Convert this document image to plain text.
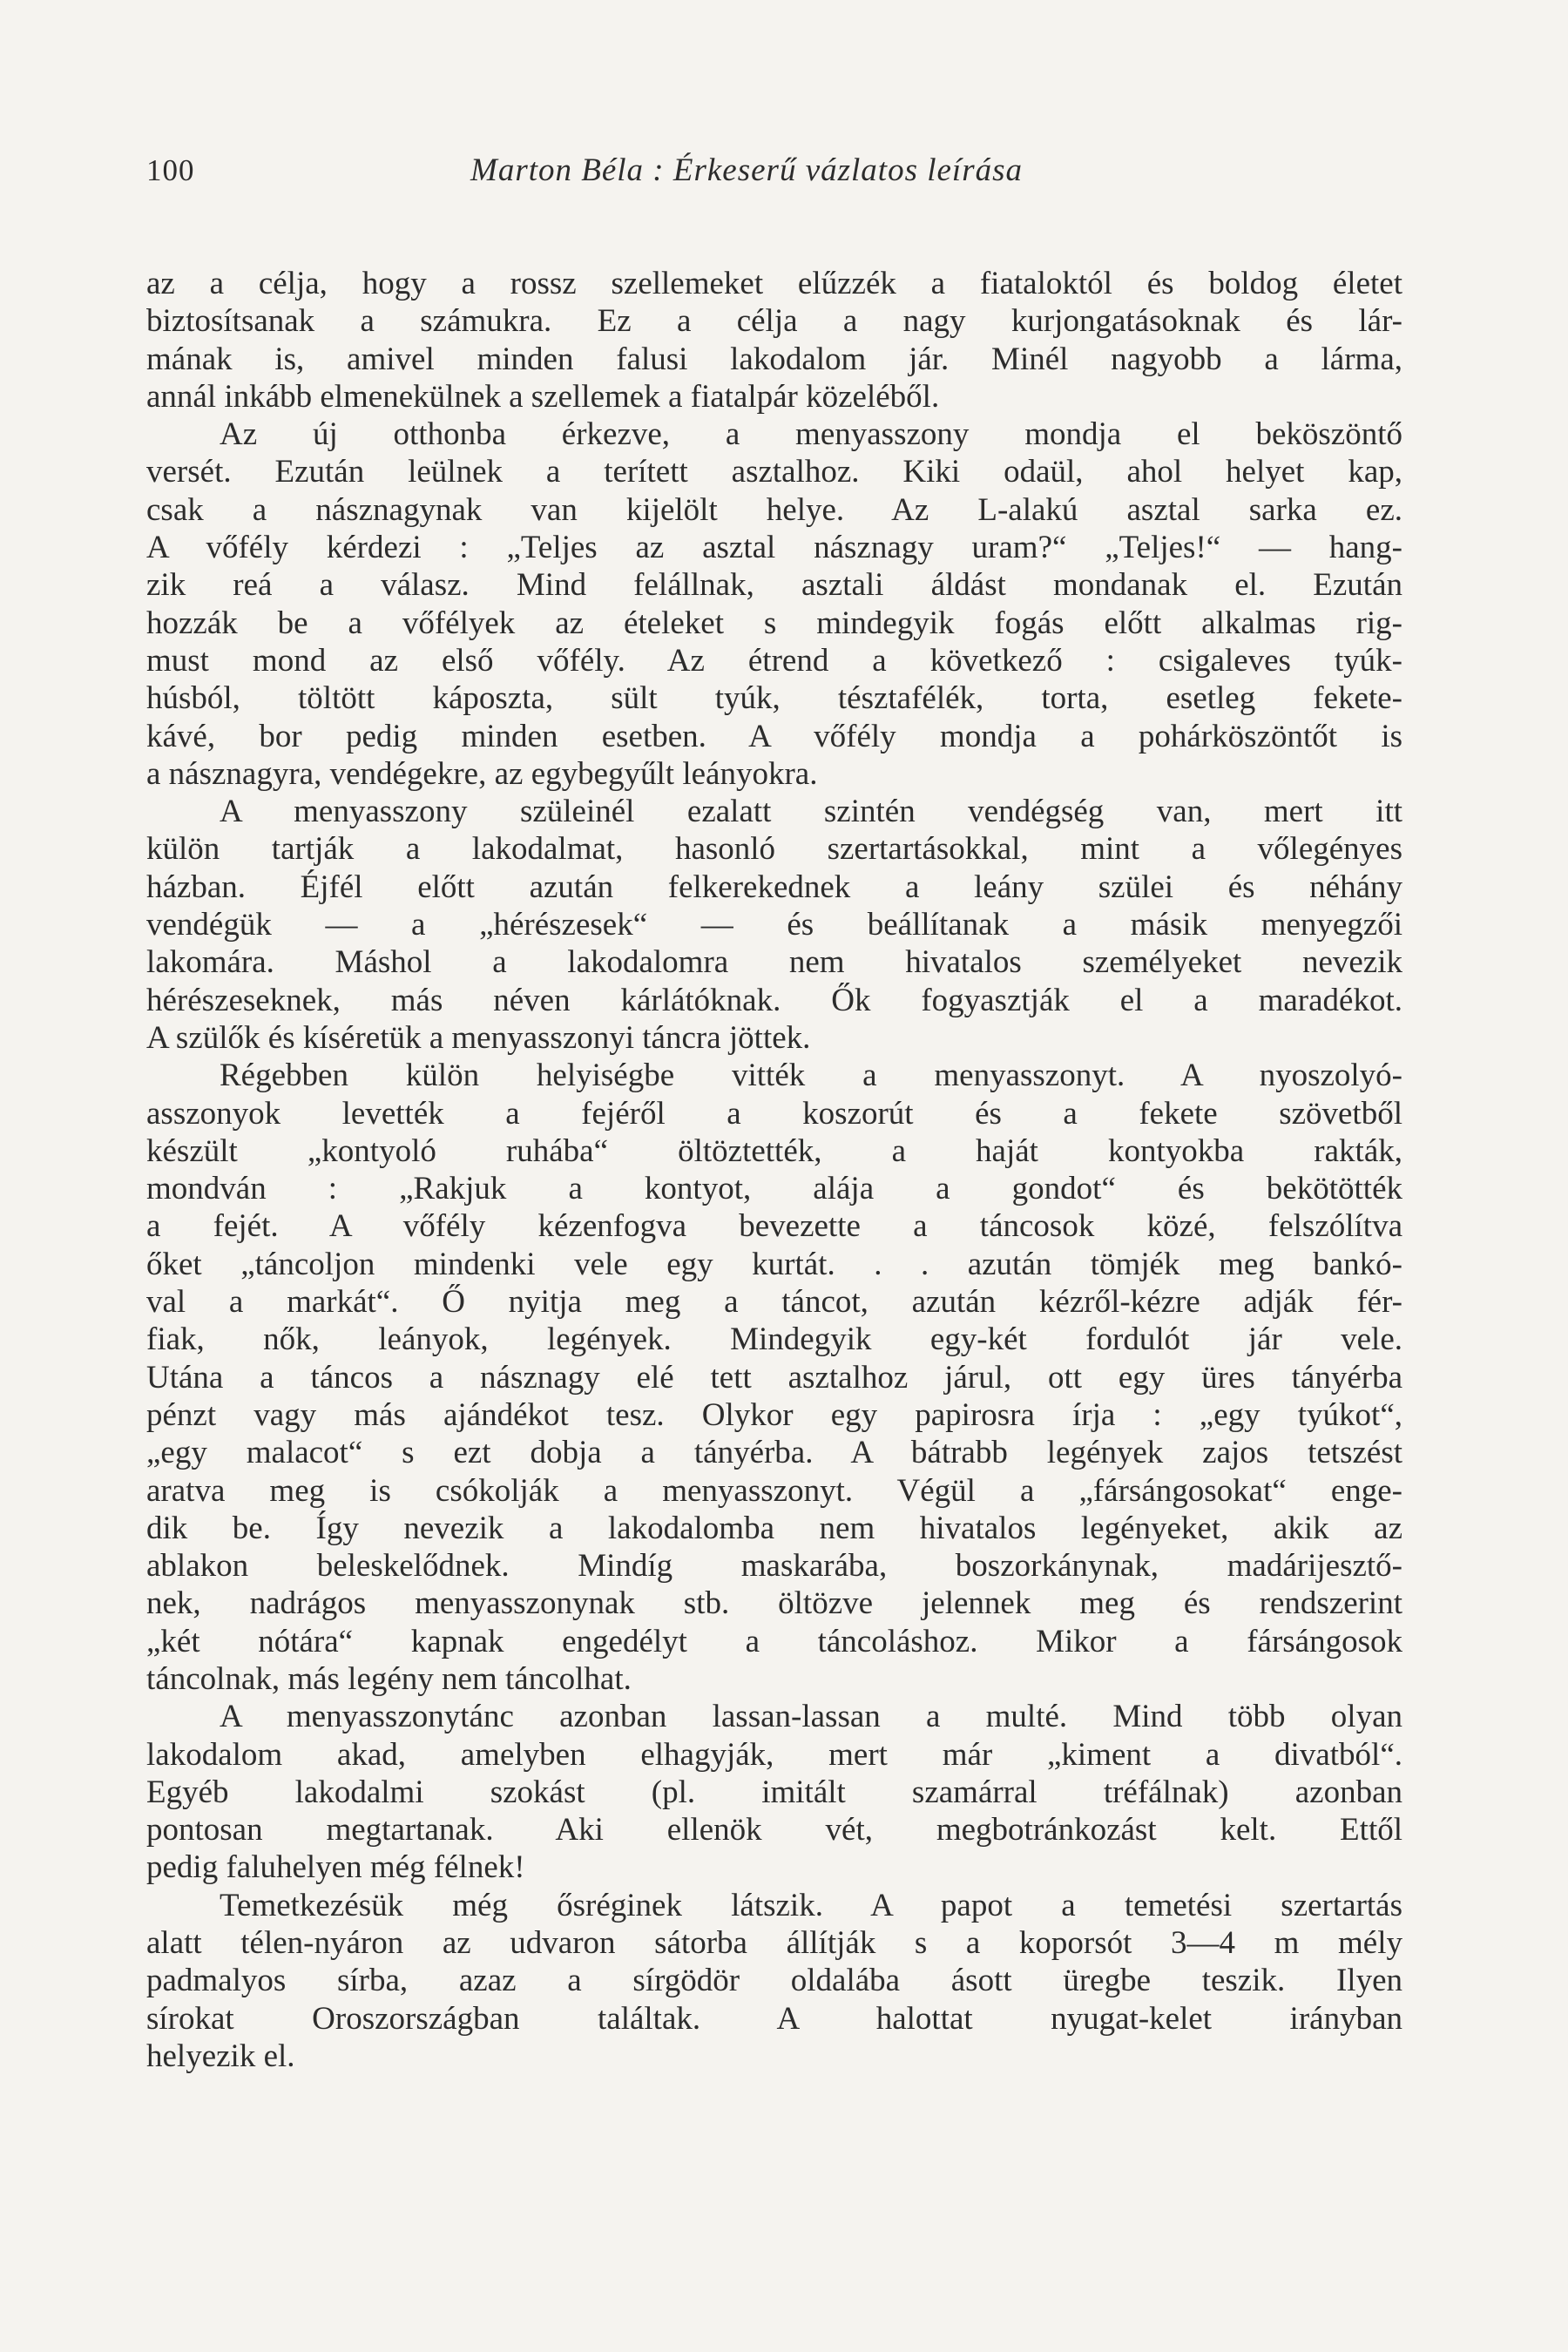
100	Marton Béla : Érkeserű vázlatos leírása
az a célja, hogy a rossz szellemeket elűzzék a fiataloktól és boldog életet
biztosítsanak a számukra. Ez a célja a nagy kurjongatásoknak és lár-
mának is, amivel minden falusi lakodalom jár. Minél nagyobb a lárma,
annál inkább elmenekülnek a szellemek a fiatalpár közeléből.
Az új otthonba érkezve, a menyasszony mondja el beköszöntő
versét. Ezután leülnek a terített asztalhoz. Kiki odaül, ahol helyet kap,
csak a násznagynak van kijelölt helye. Az L-alakú asztal sarka ez.
A vőfély kérdezi : „Teljes az asztal násznagy uram?“ „Teljes!“ — hang-
zik reá a válasz. Mind felállnak, asztali áldást mondanak el. Ezután
hozzák be a vőfélyek az ételeket s mindegyik fogás előtt alkalmas rig-
must mond az első vőfély. Az étrend a következő : csigaleves tyúk-
húsból, töltött káposzta, sült tyúk, tésztafélék, torta, esetleg fekete-
kávé, bor pedig minden esetben. A vőfély mondja a pohárköszöntőt is
a násznagyra, vendégekre, az egybegyűlt leányokra.
A menyasszony szüleinél ezalatt szintén vendégség van, mert itt
külön tartják a lakodalmat, hasonló szertartásokkal, mint a vőlegényes
házban. Éjfél előtt azután felkerekednek a leány szülei és néhány
vendégük — a „hérészesek“ — és beállítanak a másik menyegzői
lakomára. Máshol a lakodalomra nem hivatalos személyeket nevezik
hérészeseknek, más néven kárlátóknak. Ők fogyasztják el a maradékot.
A szülők és kíséretük a menyasszonyi táncra jöttek.
Régebben külön helyiségbe vitték a menyasszonyt. A nyoszolyó-
asszonyok levették a fejéről a koszorút és a fekete szövetből
készült „kontyoló ruhába“ öltöztették, a haját kontyokba rakták,
mondván : „Rakjuk a kontyot, alája a gondot“ és bekötötték
a fejét. A vőfély kézenfogva bevezette a táncosok közé, felszólítva
őket „táncoljon mindenki vele egy kurtát. . . azután tömjék meg bankó-
val a markát“. Ő nyitja meg a táncot, azután kézről-kézre adják fér-
fiak, nők, leányok, legények. Mindegyik egy-két fordulót jár vele.
Utána a táncos a násznagy elé tett asztalhoz járul, ott egy üres tányérba
pénzt vagy más ajándékot tesz. Olykor egy papirosra írja : „egy tyúkot“,
„egy malacot“ s ezt dobja a tányérba. A bátrabb legények zajos tetszést
aratva meg is csókolják a menyasszonyt. Végül a „fársángosokat“ enge-
dik be. Így nevezik a lakodalomba nem hivatalos legényeket, akik az
ablakon beleskelődnek. Mindíg maskarába, boszorkánynak, madárijesztő-
nek, nadrágos menyasszonynak stb. öltözve jelennek meg és rendszerint
„két nótára“ kapnak engedélyt a táncoláshoz. Mikor a fársángosok
táncolnak, más legény nem táncolhat.
A menyasszonytánc azonban lassan-lassan a multé. Mind több olyan
lakodalom akad, amelyben elhagyják, mert már „kiment a divatból“.
Egyéb lakodalmi szokást (pl. imitált szamárral tréfálnak) azonban
pontosan megtartanak. Aki ellenök vét, megbotránkozást kelt. Ettől
pedig faluhelyen még félnek!
Temetkezésük még ősréginek látszik. A papot a temetési szertartás
alatt télen-nyáron az udvaron sátorba állítják s a koporsót 3—4 m mély
padmalyos sírba, azaz a sírgödör oldalába ásott üregbe teszik. Ilyen
sírokat Oroszországban találtak. A halottat nyugat-kelet irányban
helyezik el.
